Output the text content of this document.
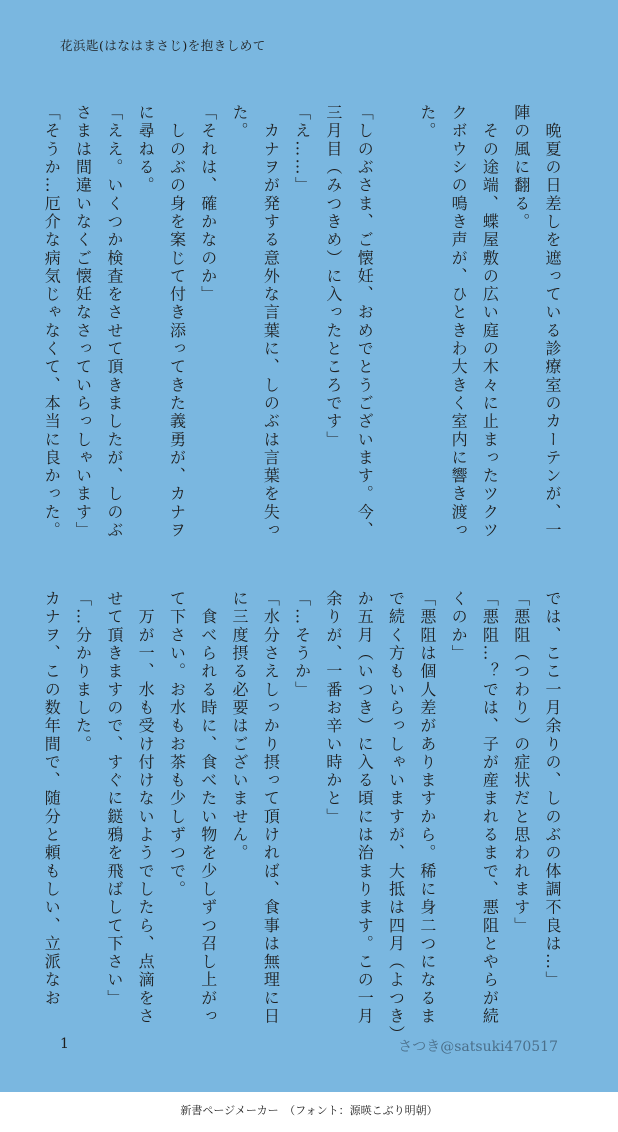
花浜匙(はなはまさじ)を抱きしめて
　晩夏の日差しを遮っている診療室のカーテンが、一
陣の風に翻る。
　その途端、蝶屋敷の広い庭の木々に止まったツクツ
クボウシの鳴き声が、ひときわ大きく室内に響き渡っ
た。
「しのぶさま、ご懐妊、おめでとうございます。今、
三月目（みつきめ）に入ったところです」
「え……」
　カナヲが発する意外な言葉に、しのぶは言葉を失っ
た。
「それは、確かなのか」
　しのぶの身を案じて付き添ってきた義勇が、カナヲ
に尋ねる。
「ええ。いくつか検査をさせて頂きましたが、しのぶ
さまは間違いなくご懐妊なさっていらっしゃいます」
「そうか…厄介な病気じゃなくて、本当に良かった。
では、ここ一月余りの、しのぶの体調不良は…」
「悪阻（つわり）の症状だと思われます」
「悪阻…？では、子が産まれるまで、悪阻とやらが続
くのか」
「悪阻は個人差がありますから。稀に身二つになるま
で続く方もいらっしゃいますが、大抵は四月（よつき）
か五月（いつき）に入る頃には治まります。この一月
余りが、一番お辛い時かと」
「…そうか」
「水分さえしっかり摂って頂ければ、食事は無理に日
に三度摂る必要はございません。
　食べられる時に、食べたい物を少しずつ召し上がっ
て下さい。お水もお茶も少しずつで。
　万が一、水も受け付けないようでしたら、点滴をさ
せて頂きますので、すぐに鎹鴉を飛ばして下さい」
「…分かりました。
カナヲ、この数年間で、随分と頼もしい、立派なお
1	さつき@satsuki470517
新書ページメーカー　（フォント：源暎こぶり明朝）
